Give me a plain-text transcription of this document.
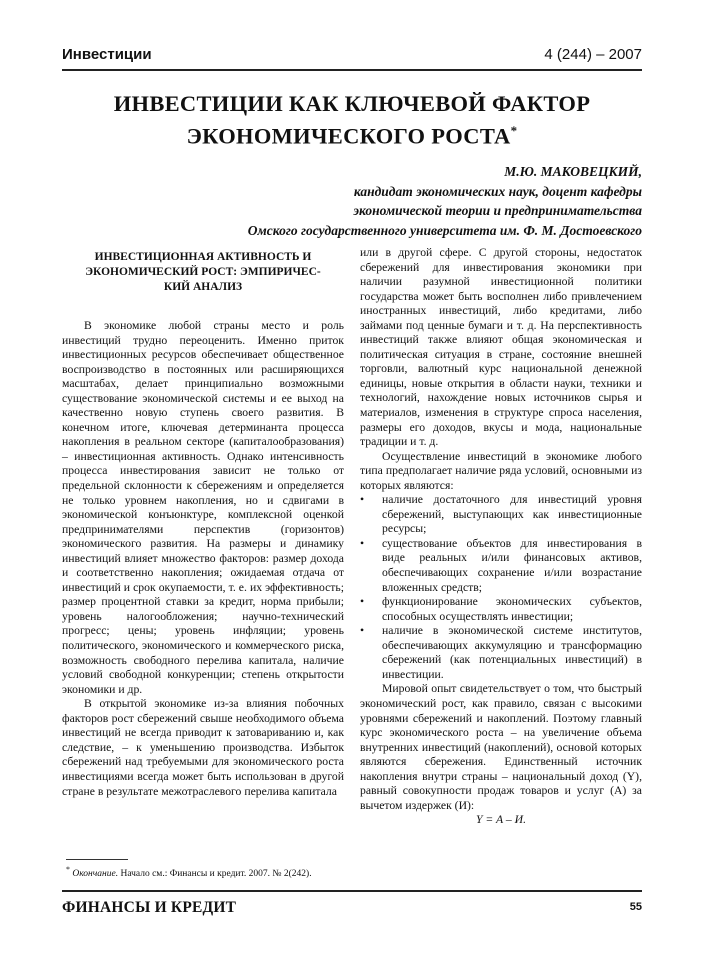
Инвестиции	4 (244) – 2007
ИНВЕСТИЦИИ КАК КЛЮЧЕВОЙ ФАКТОР
ЭКОНОМИЧЕСКОГО РОСТА*
М.Ю. МАКОВЕЦКИЙ,
кандидат экономических наук, доцент кафедры
экономической теории и предпринимательства
Омского государственного университета им. Ф. М. Достоевского
ИНВЕСТИЦИОННАЯ АКТИВНОСТЬ И
ЭКОНОМИЧЕСКИЙ РОСТ: ЭМПИРИЧЕС-
КИЙ АНАЛИЗ

В экономике любой страны место и роль инвестиций трудно переоценить. Именно приток инвестиционных ресурсов обеспечивает общественное воспроизводство в постоянных или расширяющихся масштабах, делает принципиально возможными существование экономической системы и ее выход на качественно новую ступень своего развития. В конечном итоге, ключевая детерминанта процесса накопления в реальном секторе (капиталообразования) – инвестиционная активность. Однако интенсивность процесса инвестирования зависит не только от предельной склонности к сбережениям и определяется не только уровнем накопления, но и сдвигами в экономической конъюнктуре, комплексной оценкой предпринимателями перспектив (горизонтов) экономического развития. На размеры и динамику инвестиций влияет множество факторов: размер дохода и соответственно накопления; ожидаемая отдача от инвестиций и срок окупаемости, т. е. их эффективность; размер процентной ставки за кредит, норма прибыли; уровень налогообложения; научно-технический прогресс; цены; уровень инфляции; уровень политического, экономического и коммерческого риска, возможность свободного перелива капитала, наличие условий свободной конкуренции; степень открытости экономики и др.

В открытой экономике из-за влияния побочных факторов рост сбережений свыше необходимого объема инвестиций не всегда приводит к затовариванию и, как следствие, – к уменьшению производства. Избыток сбережений над требуемыми для экономического роста инвестициями всегда может быть использован в другой стране в результате межотраслевого перелива капитала

или в другой сфере. С другой стороны, недостаток сбережений для инвестирования экономики при наличии разумной инвестиционной политики государства может быть восполнен либо привлечением иностранных инвестиций, либо кредитами, либо займами под ценные бумаги и т. д. На перспективность инвестиций также влияют общая экономическая и политическая ситуация в стране, состояние внешней торговли, валютный курс национальной денежной единицы, новые открытия в области науки, техники и технологий, нахождение новых источников сырья и материалов, изменения в структуре спроса населения, размеры его доходов, вкусы и мода, национальные традиции и т. д.

Осуществление инвестиций в экономике любого типа предполагает наличие ряда условий, основными из которых являются:

• наличие достаточного для инвестиций уровня сбережений, выступающих как инвестиционные ресурсы;
• существование объектов для инвестирования в виде реальных и/или финансовых активов, обеспечивающих сохранение и/или возрастание вложенных средств;
• функционирование экономических субъектов, способных осуществлять инвестиции;
• наличие в экономической системе институтов, обеспечивающих аккумуляцию и трансформацию сбережений (как потенциальных инвестиций) в инвестиции.

Мировой опыт свидетельствует о том, что быстрый экономический рост, как правило, связан с высокими уровнями сбережений и накоплений. Поэтому главный курс экономического роста – на увеличение объема внутренних инвестиций (накоплений), основой которых являются сбережения. Единственный источник накопления внутри страны – национальный доход (Y), равный совокупности продаж товаров и услуг (A) за вычетом издержек (И):

Y = A – И.

* Окончание. Начало см.: Финансы и кредит. 2007. № 2(242).
ФИНАНСЫ И КРЕДИТ	55
